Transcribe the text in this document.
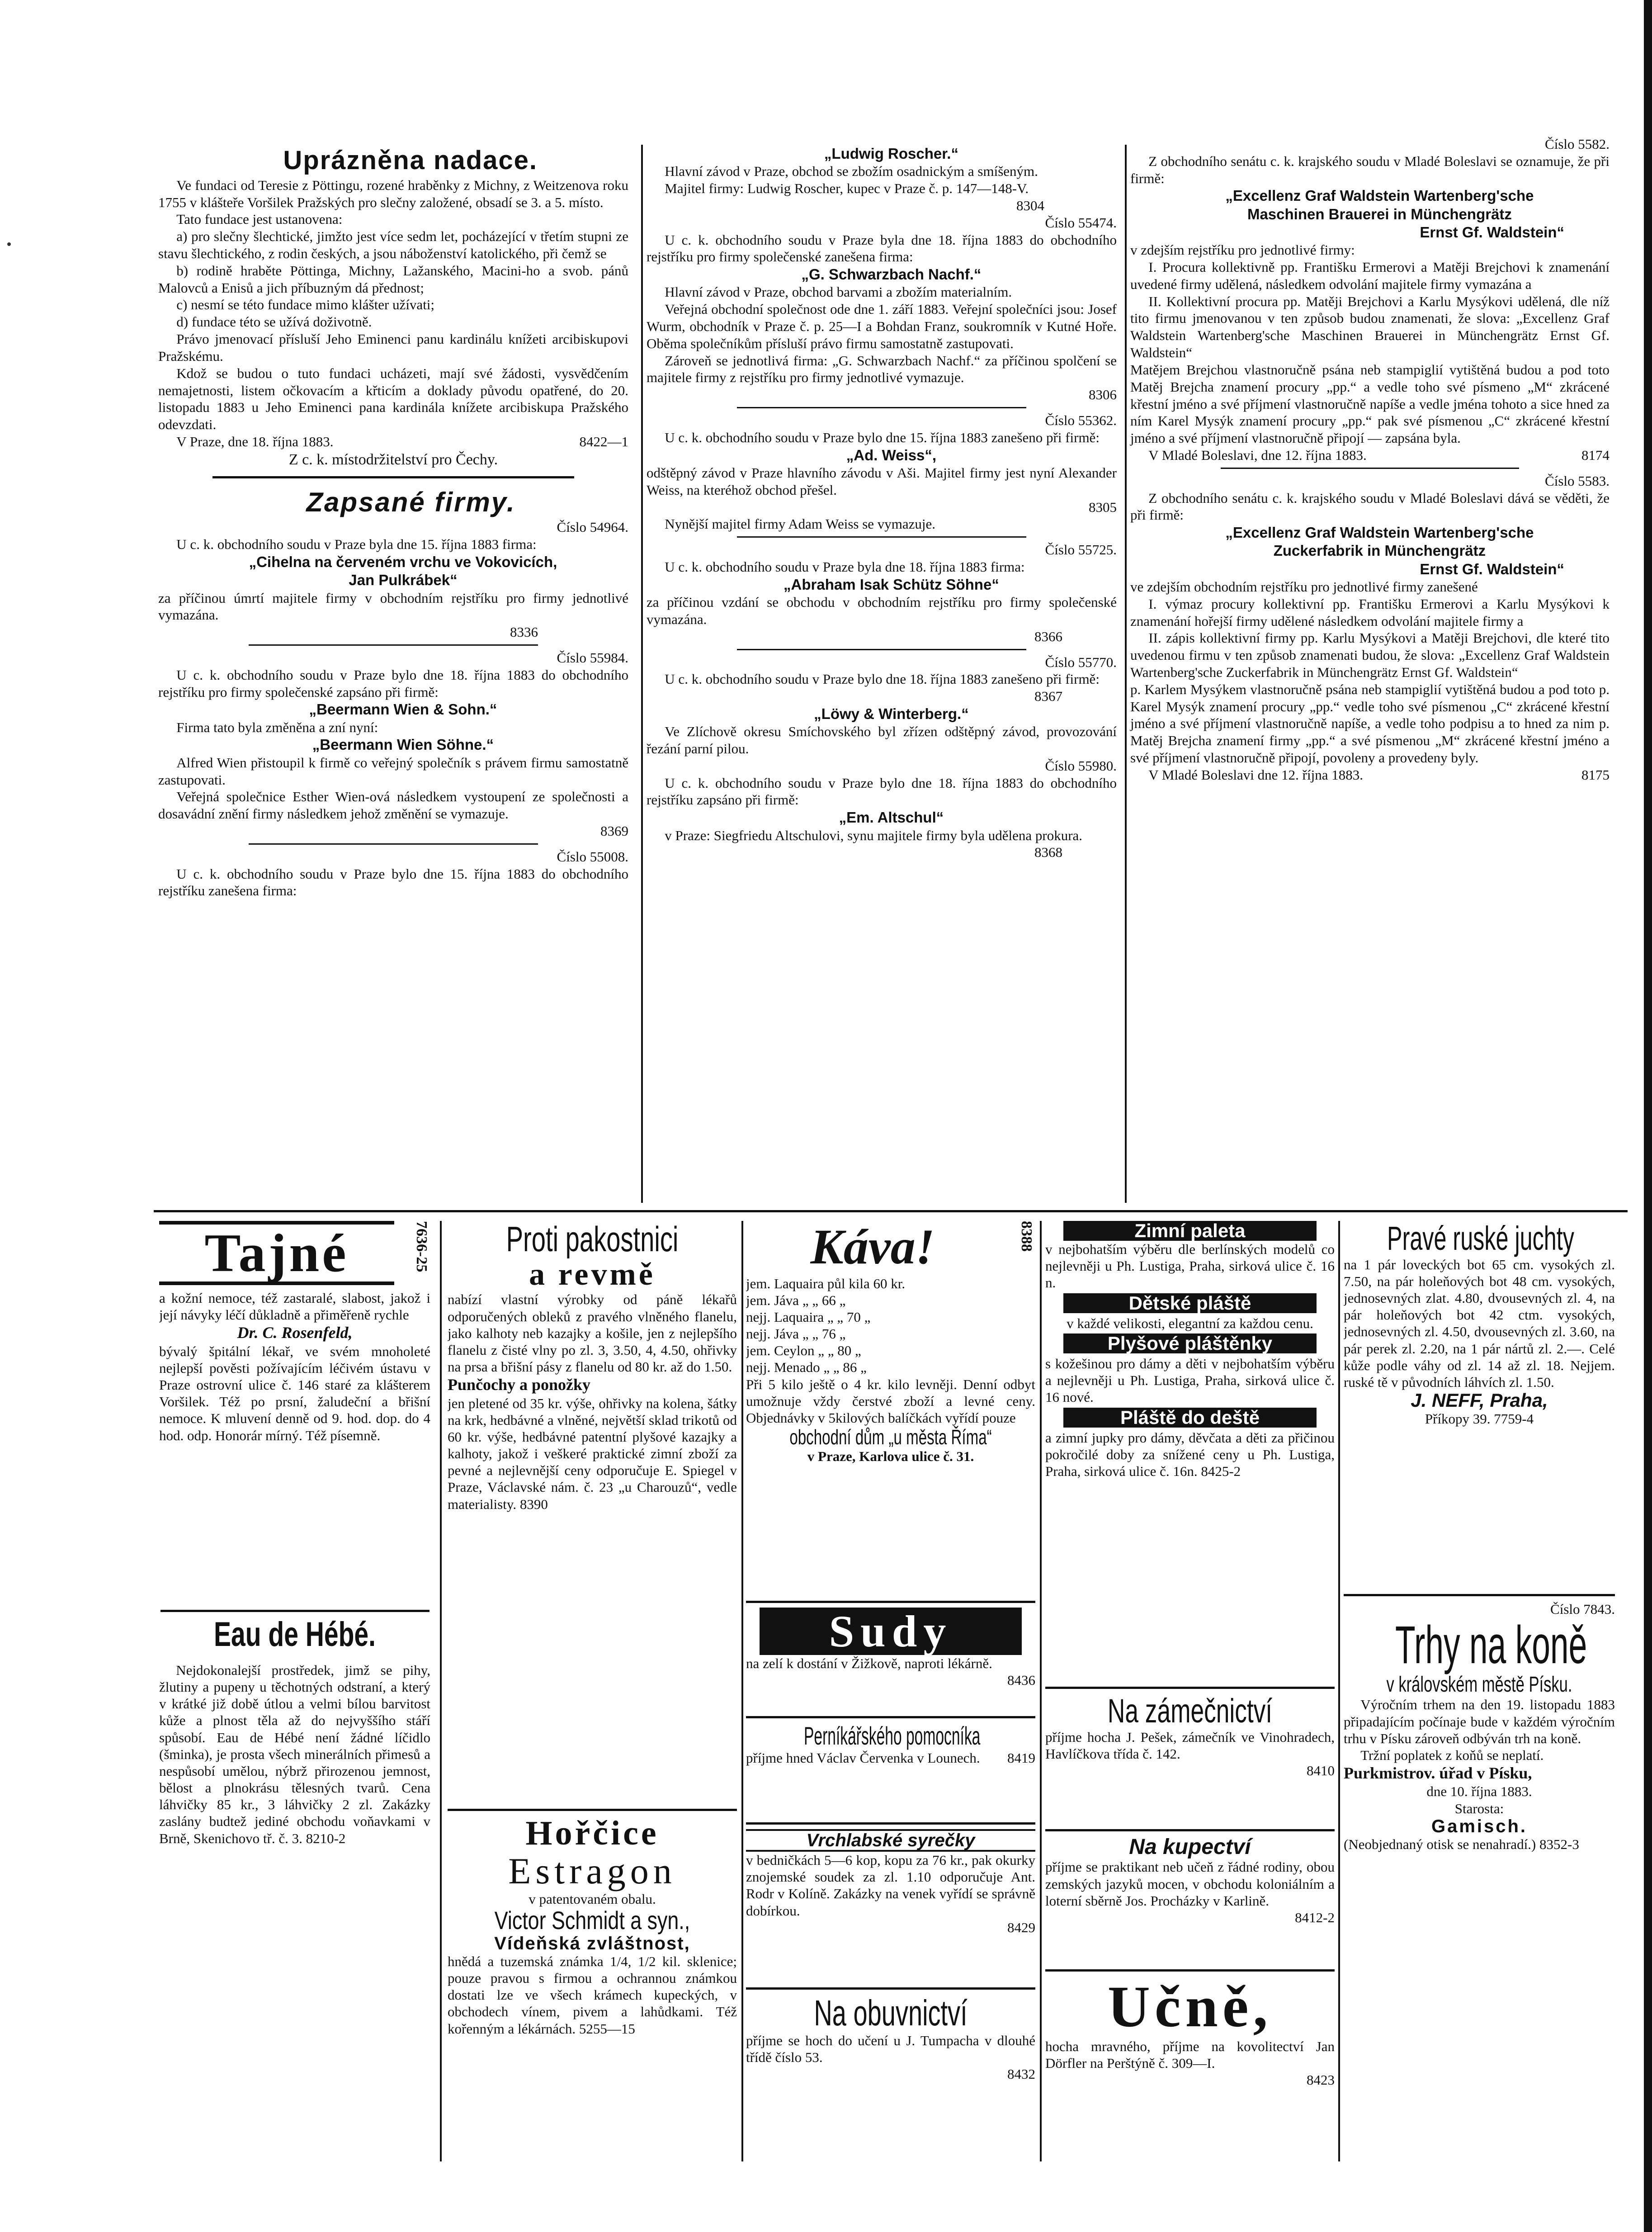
Uprázněna nadace.

Ve fundaci od Teresie z Pöttingu, rozené hraběnky z Michny, z Weitzenova roku 1755 v klášteře Voršilek Pražských pro slečny založené, obsadí se 3. a 5. místo.

Tato fundace jest ustanovena:

a) pro slečny šlechtické, jimžto jest více sedm let, pocházející v třetím stupni ze stavu šlechtického, z rodin českých, a jsou náboženství katolického, při čemž se

b) rodině hraběte Pöttinga, Michny, Lažanského, Macini-ho a svob. pánů Malovců a Enisů a jich příbuzným dá přednost;

c) nesmí se této fundace mimo klášter užívati;

d) fundace této se užívá doživotně.

Právo jmenovací přísluší Jeho Eminenci panu kardinálu knížeti arcibiskupovi Pražskému.

Kdož se budou o tuto fundaci ucházeti, mají své žádosti, vysvědčením nemajetnosti, listem očkovacím a křticím a doklady původu opatřené, do 20. listopadu 1883 u Jeho Eminenci pana kardinála knížete arcibiskupa Pražského odevzdati.

V Praze, dne 18. října 1883.	8422—1

Z c. k. místodržitelství pro Čechy.

Zapsané firmy.

Číslo 54964.

U c. k. obchodního soudu v Praze byla dne 15. října 1883 firma:

„Cihelna na červeném vrchu ve Vokovicích,

Jan Pulkrábek“

za příčinou úmrtí majitele firmy v obchodním rejstříku pro firmy jednotlivé vymazána.

8336

Číslo 55984.

U c. k. obchodního soudu v Praze bylo dne 18. října 1883 do obchodního rejstříku pro firmy společenské zapsáno při firmě:

„Beermann Wien & Sohn.“

Firma tato byla změněna a zní nyní:

„Beermann Wien Söhne.“

Alfred Wien přistoupil k firmě co veřejný společník s právem firmu samostatně zastupovati.

Veřejná společnice Esther Wien-ová následkem vystoupení ze společnosti a dosavádní znění firmy následkem jehož změnění se vymazuje.

8369

Číslo 55008.

U c. k. obchodního soudu v Praze bylo dne 15. října 1883 do obchodního rejstříku zanešena firma:

„Ludwig Roscher.“

Hlavní závod v Praze, obchod se zbožím osadnickým a smíšeným.

Majitel firmy: Ludwig Roscher, kupec v Praze č. p. 147—148-V.

8304

Číslo 55474.

U c. k. obchodního soudu v Praze byla dne 18. října 1883 do obchodního rejstříku pro firmy společenské zanešena firma:

„G. Schwarzbach Nachf.“

Hlavní závod v Praze, obchod barvami a zbožím materialním.

Veřejná obchodní společnost ode dne 1. září 1883. Veřejní společníci jsou: Josef Wurm, obchodník v Praze č. p. 25—I a Bohdan Franz, soukromník v Kutné Hoře. Oběma společníkům přísluší právo firmu samostatně zastupovati.

Zároveň se jednotlivá firma: „G. Schwarzbach Nachf.“ za příčinou spolčení se majitele firmy z rejstříku pro firmy jednotlivé vymazuje.

8306

Číslo 55362.

U c. k. obchodního soudu v Praze bylo dne 15. října 1883 zanešeno při firmě:

„Ad. Weiss“,

odštěpný závod v Praze hlavního závodu v Aši. Majitel firmy jest nyní Alexander Weiss, na kteréhož obchod přešel.

8305

Nynější majitel firmy Adam Weiss se vymazuje.

Číslo 55725.

U c. k. obchodního soudu v Praze byla dne 18. října 1883 firma:

„Abraham Isak Schütz Söhne“

za příčinou vzdání se obchodu v obchodním rejstříku pro firmy společenské vymazána.

8366

Číslo 55770.

U c. k. obchodního soudu v Praze bylo dne 18. října 1883 zanešeno při firmě:

8367

„Löwy & Winterberg.“

Ve Zlíchově okresu Smíchovského byl zřízen odštěpný závod, provozování řezání parní pilou.

Číslo 55980.

U c. k. obchodního soudu v Praze bylo dne 18. října 1883 do obchodního rejstříku zapsáno při firmě:

„Em. Altschul“

v Praze: Siegfriedu Altschulovi, synu majitele firmy byla udělena prokura.

8368

Číslo 5582.

Z obchodního senátu c. k. krajského soudu v Mladé Boleslavi se oznamuje, že při firmě:

„Excellenz Graf Waldstein Wartenberg'sche

Maschinen Brauerei in Münchengrätz

Ernst Gf. Waldstein“

v zdejším rejstříku pro jednotlivé firmy:

I. Procura kollektivně pp. Františku Ermerovi a Matěji Brejchovi k znamenání uvedené firmy udělená, následkem odvolání majitele firmy vymazána a

II. Kollektivní procura pp. Matěji Brejchovi a Karlu Mysýkovi udělená, dle níž tito firmu jmenovanou v ten způsob budou znamenati, že slova: „Excellenz Graf Waldstein Wartenberg'sche Maschinen Brauerei in Münchengrätz Ernst Gf. Waldstein“

Matějem Brejchou vlastnoručně psána neb stampiglií vytištěná budou a pod toto Matěj Brejcha znamení procury „pp.“ a vedle toho své písmeno „M“ zkrácené křestní jméno a své příjmení vlastnoručně napíše a vedle jména tohoto a sice hned za ním Karel Mysýk znamení procury „pp.“ pak své písmenou „C“ zkrácené křestní jméno a své příjmení vlastnoručně připojí — zapsána byla.

V Mladé Boleslavi, dne 12. října 1883.	8174

Číslo 5583.

Z obchodního senátu c. k. krajského soudu v Mladé Boleslavi dává se věděti, že při firmě:

„Excellenz Graf Waldstein Wartenberg'sche

Zuckerfabrik in Münchengrätz

Ernst Gf. Waldstein“

ve zdejším obchodním rejstříku pro jednotlivé firmy zanešené

I. výmaz procury kollektivní pp. Františku Ermerovi a Karlu Mysýkovi k znamenání hořejší firmy udělené následkem odvolání majitele firmy a

II. zápis kollektivní firmy pp. Karlu Mysýkovi a Matěji Brejchovi, dle které tito uvedenou firmu v ten způsob znamenati budou, že slova: „Excellenz Graf Waldstein Wartenberg'sche Zuckerfabrik in Münchengrätz Ernst Gf. Waldstein“

p. Karlem Mysýkem vlastnoručně psána neb stampiglií vytištěná budou a pod toto p. Karel Mysýk znamení procury „pp.“ vedle toho své písmenou „C“ zkrácené křestní jméno a své příjmení vlastnoručně napíše, a vedle toho podpisu a to hned za nim p. Matěj Brejcha znamení firmy „pp.“ a své písmenou „M“ zkrácené křestní jméno a své příjmení vlastnoručně připojí, povoleny a provedeny byly.

V Mladé Boleslavi dne 12. října 1883.	8175

Tajné	7636-25

a kožní nemoce, též zastaralé, slabost, jakož i její návyky léčí důkladně a přiměřeně rychle

Dr. C. Rosenfeld,

bývalý špitální lékař, ve svém mnoholeté nejlepší pověsti požívajícím léčivém ústavu v Praze ostrovní ulice č. 146 staré za klášterem Voršilek. Též po prsní, žaludeční a břišní nemoce. K mluvení denně od 9. hod. dop. do 4 hod. odp. Honorár mírný. Též písemně.

Eau de Hébé.

Nejdokonalejší prostředek, jimž se pihy, žlutiny a pupeny u těchotných odstraní, a který v krátké již době útlou a velmi bílou barvitost kůže a plnost těla až do nejvyššího stáří spůsobí. Eau de Hébé není žádné líčidlo (šminka), je prosta všech minerálních přimesů a nespůsobí umělou, nýbrž přirozenou jemnost, bělost a plnokrásu tělesných tvarů. Cena láhvičky 85 kr., 3 láhvičky 2 zl. Zakázky zaslány budtež jediné obchodu voňavkami v Brně, Skenichovo tř. č. 3. 8210-2

Proti pakostnici

a revmě

nabízí vlastní výrobky od páně lékařů odporučených obleků z pravého vlněného flanelu, jako kalhoty neb kazajky a košile, jen z nejlepšího flanelu z čisté vlny po zl. 3, 3.50, 4, 4.50, ohřivky na prsa a břišní pásy z flanelu od 80 kr. až do 1.50.

Punčochy a ponožky

jen pletené od 35 kr. výše, ohřivky na kolena, šátky na krk, hedbávné a vlněné, největší sklad trikotů od 60 kr. výše, hedbávné patentní plyšové kazajky a kalhoty, jakož i veškeré praktické zimní zboží za pevné a nejlevnější ceny odporučuje E. Spiegel v Praze, Václavské nám. č. 23 „u Charouzů“, vedle materialisty. 8390

Hořčice

Estragon

v patentovaném obalu.

Victor Schmidt a syn.,

Vídeňská zvláštnost,

hnědá a tuzemská známka 1/4, 1/2 kil. sklenice; pouze pravou s firmou a ochrannou známkou dostati lze ve všech krámech kupeckých, v obchodech vínem, pivem a lahůdkami. Též kořenným a lékárnách. 5255—15

Káva!	8388

jem. Laquaira půl kila 60 kr.

jem. Jáva „ „ 66 „

nejj. Laquaira „ „ 70 „

nejj. Jáva „ „ 76 „

jem. Ceylon „ „ 80 „

nejj. Menado „ „ 86 „

Při 5 kilo ještě o 4 kr. kilo levněji. Denní odbyt umožnuje vždy čerstvé zboží a levné ceny. Objednávky v 5kilových balíčkách vyřídí pouze

obchodní dům „u města Říma“

v Praze, Karlova ulice č. 31.

Sudy

na zelí k dostání v Žižkově, naproti lékárně.

8436

Perníkářského pomocníka

příjme hned Václav Červenka v Lounech. 8419

Vrchlabské syrečky

v bedničkách 5—6 kop, kopu za 76 kr., pak okurky znojemské soudek za zl. 1.10 odporučuje Ant. Rodr v Kolíně. Zakázky na venek vyřídí se správně dobírkou.

8429

Na obuvnictví

příjme se hoch do učení u J. Tumpacha v dlouhé třídě číslo 53.

8432

Zimní paleta

v nejbohatším výběru dle berlínských modelů co nejlevněji u Ph. Lustiga, Praha, sirková ulice č. 16 n.

Dětské pláště

v každé velikosti, elegantní za každou cenu.

Plyšové pláštěnky

s kožešinou pro dámy a děti v nejbohatším výběru a nejlevněji u Ph. Lustiga, Praha, sirková ulice č. 16 nové.

Pláště do deště

a zimní jupky pro dámy, děvčata a děti za přičinou pokročilé doby za snížené ceny u Ph. Lustiga, Praha, sirková ulice č. 16n. 8425-2

Na zámečnictví

příjme hocha J. Pešek, zámečník ve Vinohradech, Havlíčkova třída č. 142.

8410

Na kupectví

příjme se praktikant neb učeň z řádné rodiny, obou zemských jazyků mocen, v obchodu koloniálním a loterní sběrně Jos. Procházky v Karlině.

8412-2

Učně,

hocha mravného, příjme na kovolitectví Jan Dörfler na Perštýně č. 309—I.

8423

Pravé ruské juchty

na 1 pár loveckých bot 65 cm. vysokých zl. 7.50, na pár holeňových bot 48 cm. vysokých, jednosevných zlat. 4.80, dvousevných zl. 4, na pár holeňových bot 42 ctm. vysokých, jednosevných zl. 4.50, dvousevných zl. 3.60, na pár perek zl. 2.20, na 1 pár nártů zl. 2.—. Celé kůže podle váhy od zl. 14 až zl. 18. Nejjem. ruské tě v původních láhvích zl. 1.50.

J. NEFF, Praha,

Příkopy 39. 7759-4

Číslo 7843.

Trhy na koně

v královském městě Písku.

Výročním trhem na den 19. listopadu 1883 připadajícím počínaje bude v každém výročním trhu v Písku zároveň odbýván trh na koně.

Tržní poplatek z koňů se neplatí.

Purkmistrov. úřad v Písku,

dne 10. října 1883.

Starosta:

Gamisch.

(Neobjednaný otisk se nenahradí.) 8352-3
